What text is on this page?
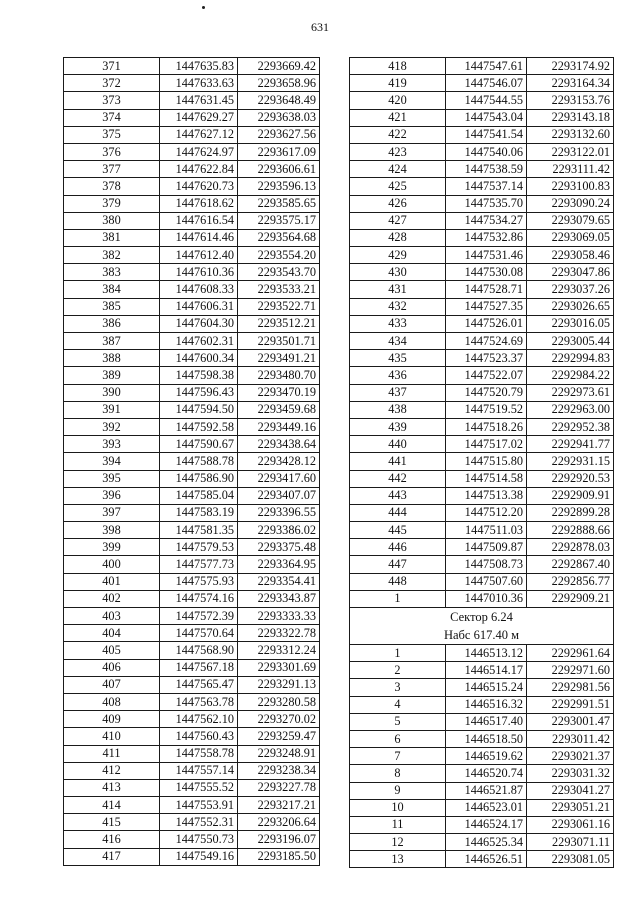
631
371	1447635.83	2293669.42
372	1447633.63	2293658.96
373	1447631.45	2293648.49
374	1447629.27	2293638.03
375	1447627.12	2293627.56
376	1447624.97	2293617.09
377	1447622.84	2293606.61
378	1447620.73	2293596.13
379	1447618.62	2293585.65
380	1447616.54	2293575.17
381	1447614.46	2293564.68
382	1447612.40	2293554.20
383	1447610.36	2293543.70
384	1447608.33	2293533.21
385	1447606.31	2293522.71
386	1447604.30	2293512.21
387	1447602.31	2293501.71
388	1447600.34	2293491.21
389	1447598.38	2293480.70
390	1447596.43	2293470.19
391	1447594.50	2293459.68
392	1447592.58	2293449.16
393	1447590.67	2293438.64
394	1447588.78	2293428.12
395	1447586.90	2293417.60
396	1447585.04	2293407.07
397	1447583.19	2293396.55
398	1447581.35	2293386.02
399	1447579.53	2293375.48
400	1447577.73	2293364.95
401	1447575.93	2293354.41
402	1447574.16	2293343.87
403	1447572.39	2293333.33
404	1447570.64	2293322.78
405	1447568.90	2293312.24
406	1447567.18	2293301.69
407	1447565.47	2293291.13
408	1447563.78	2293280.58
409	1447562.10	2293270.02
410	1447560.43	2293259.47
411	1447558.78	2293248.91
412	1447557.14	2293238.34
413	1447555.52	2293227.78
414	1447553.91	2293217.21
415	1447552.31	2293206.64
416	1447550.73	2293196.07
417	1447549.16	2293185.50
418	1447547.61	2293174.92
419	1447546.07	2293164.34
420	1447544.55	2293153.76
421	1447543.04	2293143.18
422	1447541.54	2293132.60
423	1447540.06	2293122.01
424	1447538.59	2293111.42
425	1447537.14	2293100.83
426	1447535.70	2293090.24
427	1447534.27	2293079.65
428	1447532.86	2293069.05
429	1447531.46	2293058.46
430	1447530.08	2293047.86
431	1447528.71	2293037.26
432	1447527.35	2293026.65
433	1447526.01	2293016.05
434	1447524.69	2293005.44
435	1447523.37	2292994.83
436	1447522.07	2292984.22
437	1447520.79	2292973.61
438	1447519.52	2292963.00
439	1447518.26	2292952.38
440	1447517.02	2292941.77
441	1447515.80	2292931.15
442	1447514.58	2292920.53
443	1447513.38	2292909.91
444	1447512.20	2292899.28
445	1447511.03	2292888.66
446	1447509.87	2292878.03
447	1447508.73	2292867.40
448	1447507.60	2292856.77
1	1447010.36	2292909.21

Сектор 6.24
Набс 617.40 м		

1	1446513.12	2292961.64
2	1446514.17	2292971.60
3	1446515.24	2292981.56
4	1446516.32	2292991.51
5	1446517.40	2293001.47
6	1446518.50	2293011.42
7	1446519.62	2293021.37
8	1446520.74	2293031.32
9	1446521.87	2293041.27
10	1446523.01	2293051.21
11	1446524.17	2293061.16
12	1446525.34	2293071.11
13	1446526.51	2293081.05
